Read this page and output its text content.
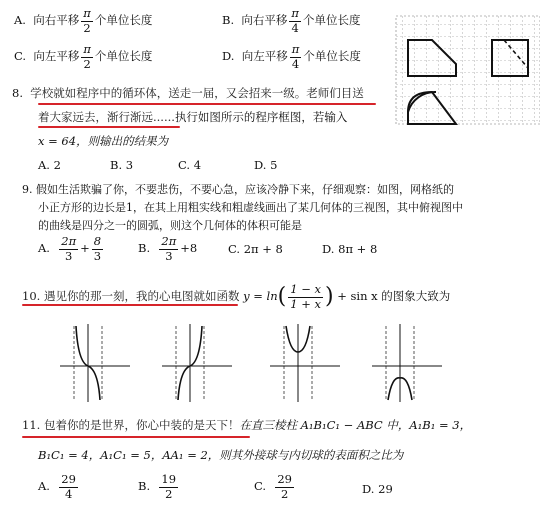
A. 向右平移 $\frac{\pi}{2}$ 个单位长度	B. 向右平移 $\frac{\pi}{4}$ 个单位长度
C. 向左平移 $\frac{\pi}{2}$ 个单位长度	D. 向左平移 $\frac{\pi}{4}$ 个单位长度
8. 学校就如程序中的循环体，送走一届，又会招来一级。老师们目送
着大家远去，渐行渐远......执行如图所示的程序框图，若输入
x = 64，则输出的结果为
A. 2	B. 3	C. 4	D. 5
9. 假如生活欺骗了你，不要悲伤，不要心急，应该冷静下来，仔细观察：如图，网格纸的
小正方形的边长是1，在其上用粗实线和粗虚线画出了某几何体的三视图，其中俯视图中
的曲线是四分之一的圆弧，则这个几何体的体积可能是
A. $\frac{2\pi}{3} + \frac{8}{3}$	B. $\frac{2\pi}{3} +8$	C. 2π + 8	D. 8π + 8
10. 遇见你的那一刻，我的心电图就如函数 $y = \ln( \frac{1 - x}{1 + x}$ ) + sin x 的图象大致为
11. 包着你的是世界，你心中装的是天下！在直三棱柱 A₁B₁C₁ − ABC 中，A₁B₁ = 3，
B₁C₁ = 4，A₁C₁ = 5，AA₁ = 2，则其外接球与内切球的表面积之比为
A. $\frac{29}{4}$	B. $\frac{19}{2}$	C. $\frac{29}{2}$	D. 29
